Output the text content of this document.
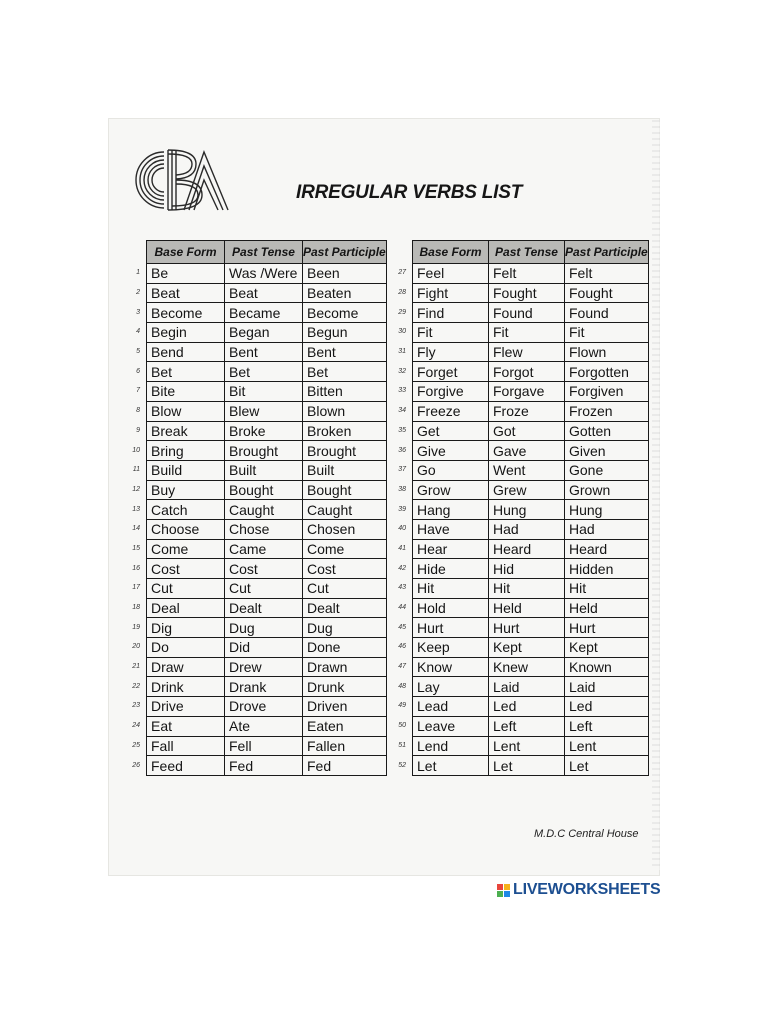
IRREGULAR VERBS LIST
	Base Form	Past Tense	Past Participle
1	Be	Was /Were	Been
2	Beat	Beat	Beaten
3	Become	Became	Become
4	Begin	Began	Begun
5	Bend	Bent	Bent
6	Bet	Bet	Bet
7	Bite	Bit	Bitten
8	Blow	Blew	Blown
9	Break	Broke	Broken
10	Bring	Brought	Brought
11	Build	Built	Built
12	Buy	Bought	Bought
13	Catch	Caught	Caught
14	Choose	Chose	Chosen
15	Come	Came	Come
16	Cost	Cost	Cost
17	Cut	Cut	Cut
18	Deal	Dealt	Dealt
19	Dig	Dug	Dug
20	Do	Did	Done
21	Draw	Drew	Drawn
22	Drink	Drank	Drunk
23	Drive	Drove	Driven
24	Eat	Ate	Eaten
25	Fall	Fell	Fallen
26	Feed	Fed	Fed
	Base Form	Past Tense	Past Participle
27	Feel	Felt	Felt
28	Fight	Fought	Fought
29	Find	Found	Found
30	Fit	Fit	Fit
31	Fly	Flew	Flown
32	Forget	Forgot	Forgotten
33	Forgive	Forgave	Forgiven
34	Freeze	Froze	Frozen
35	Get	Got	Gotten
36	Give	Gave	Given
37	Go	Went	Gone
38	Grow	Grew	Grown
39	Hang	Hung	Hung
40	Have	Had	Had
41	Hear	Heard	Heard
42	Hide	Hid	Hidden
43	Hit	Hit	Hit
44	Hold	Held	Held
45	Hurt	Hurt	Hurt
46	Keep	Kept	Kept
47	Know	Knew	Known
48	Lay	Laid	Laid
49	Lead	Led	Led
50	Leave	Left	Left
51	Lend	Lent	Lent
52	Let	Let	Let
M.D.C Central House
LIVEWORKSHEETS
